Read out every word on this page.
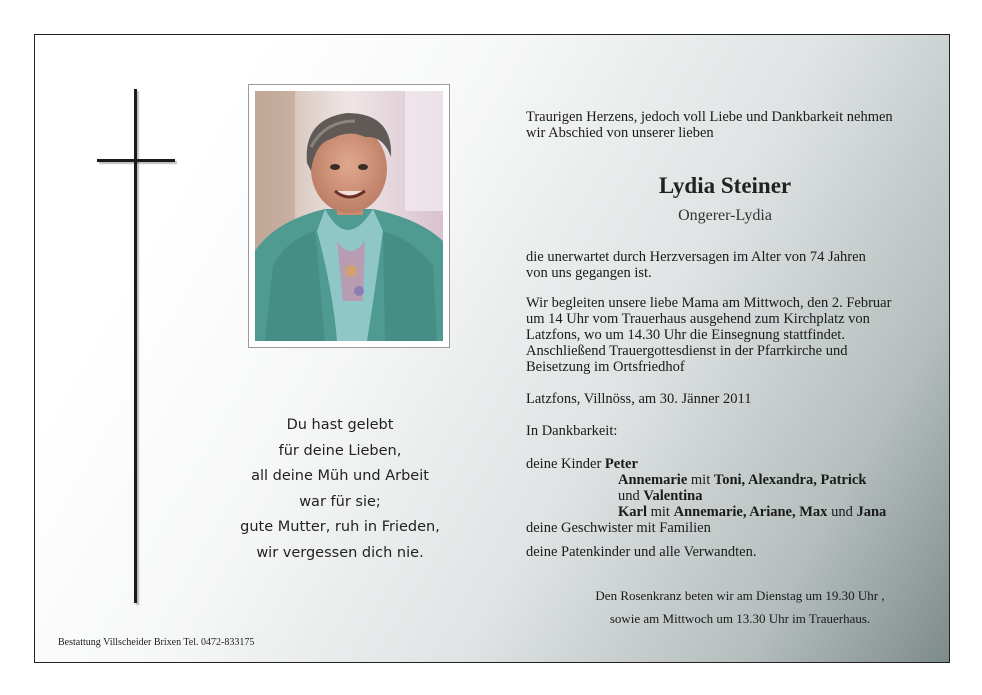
Du hast gelebt
für deine Lieben,
all deine Müh und Arbeit
war für sie;
gute Mutter, ruh in Frieden,
wir vergessen dich nie.
Bestattung Villscheider Brixen Tel. 0472-833175
Traurigen Herzens, jedoch voll Liebe und Dankbarkeit nehmen
wir Abschied von unserer lieben
Lydia Steiner
Ongerer-Lydia
die unerwartet durch Herzversagen im Alter von 74 Jahren
von uns gegangen ist.
Wir begleiten unsere liebe Mama am Mittwoch, den 2. Februar
um 14 Uhr vom Trauerhaus ausgehend zum Kirchplatz von
Latzfons, wo um 14.30 Uhr die Einsegnung stattfindet.
Anschließend Trauergottesdienst in der Pfarrkirche und
Beisetzung im Ortsfriedhof
Latzfons, Villnöss, am 30. Jänner 2011
In Dankbarkeit:
deine Kinder Peter
Annemarie mit Toni, Alexandra, Patrick
und Valentina
Karl mit Annemarie, Ariane, Max und Jana
deine Geschwister mit Familien
deine Patenkinder und alle Verwandten.
Den Rosenkranz beten wir am Dienstag um 19.30 Uhr ,
sowie am Mittwoch um 13.30 Uhr im Trauerhaus.
